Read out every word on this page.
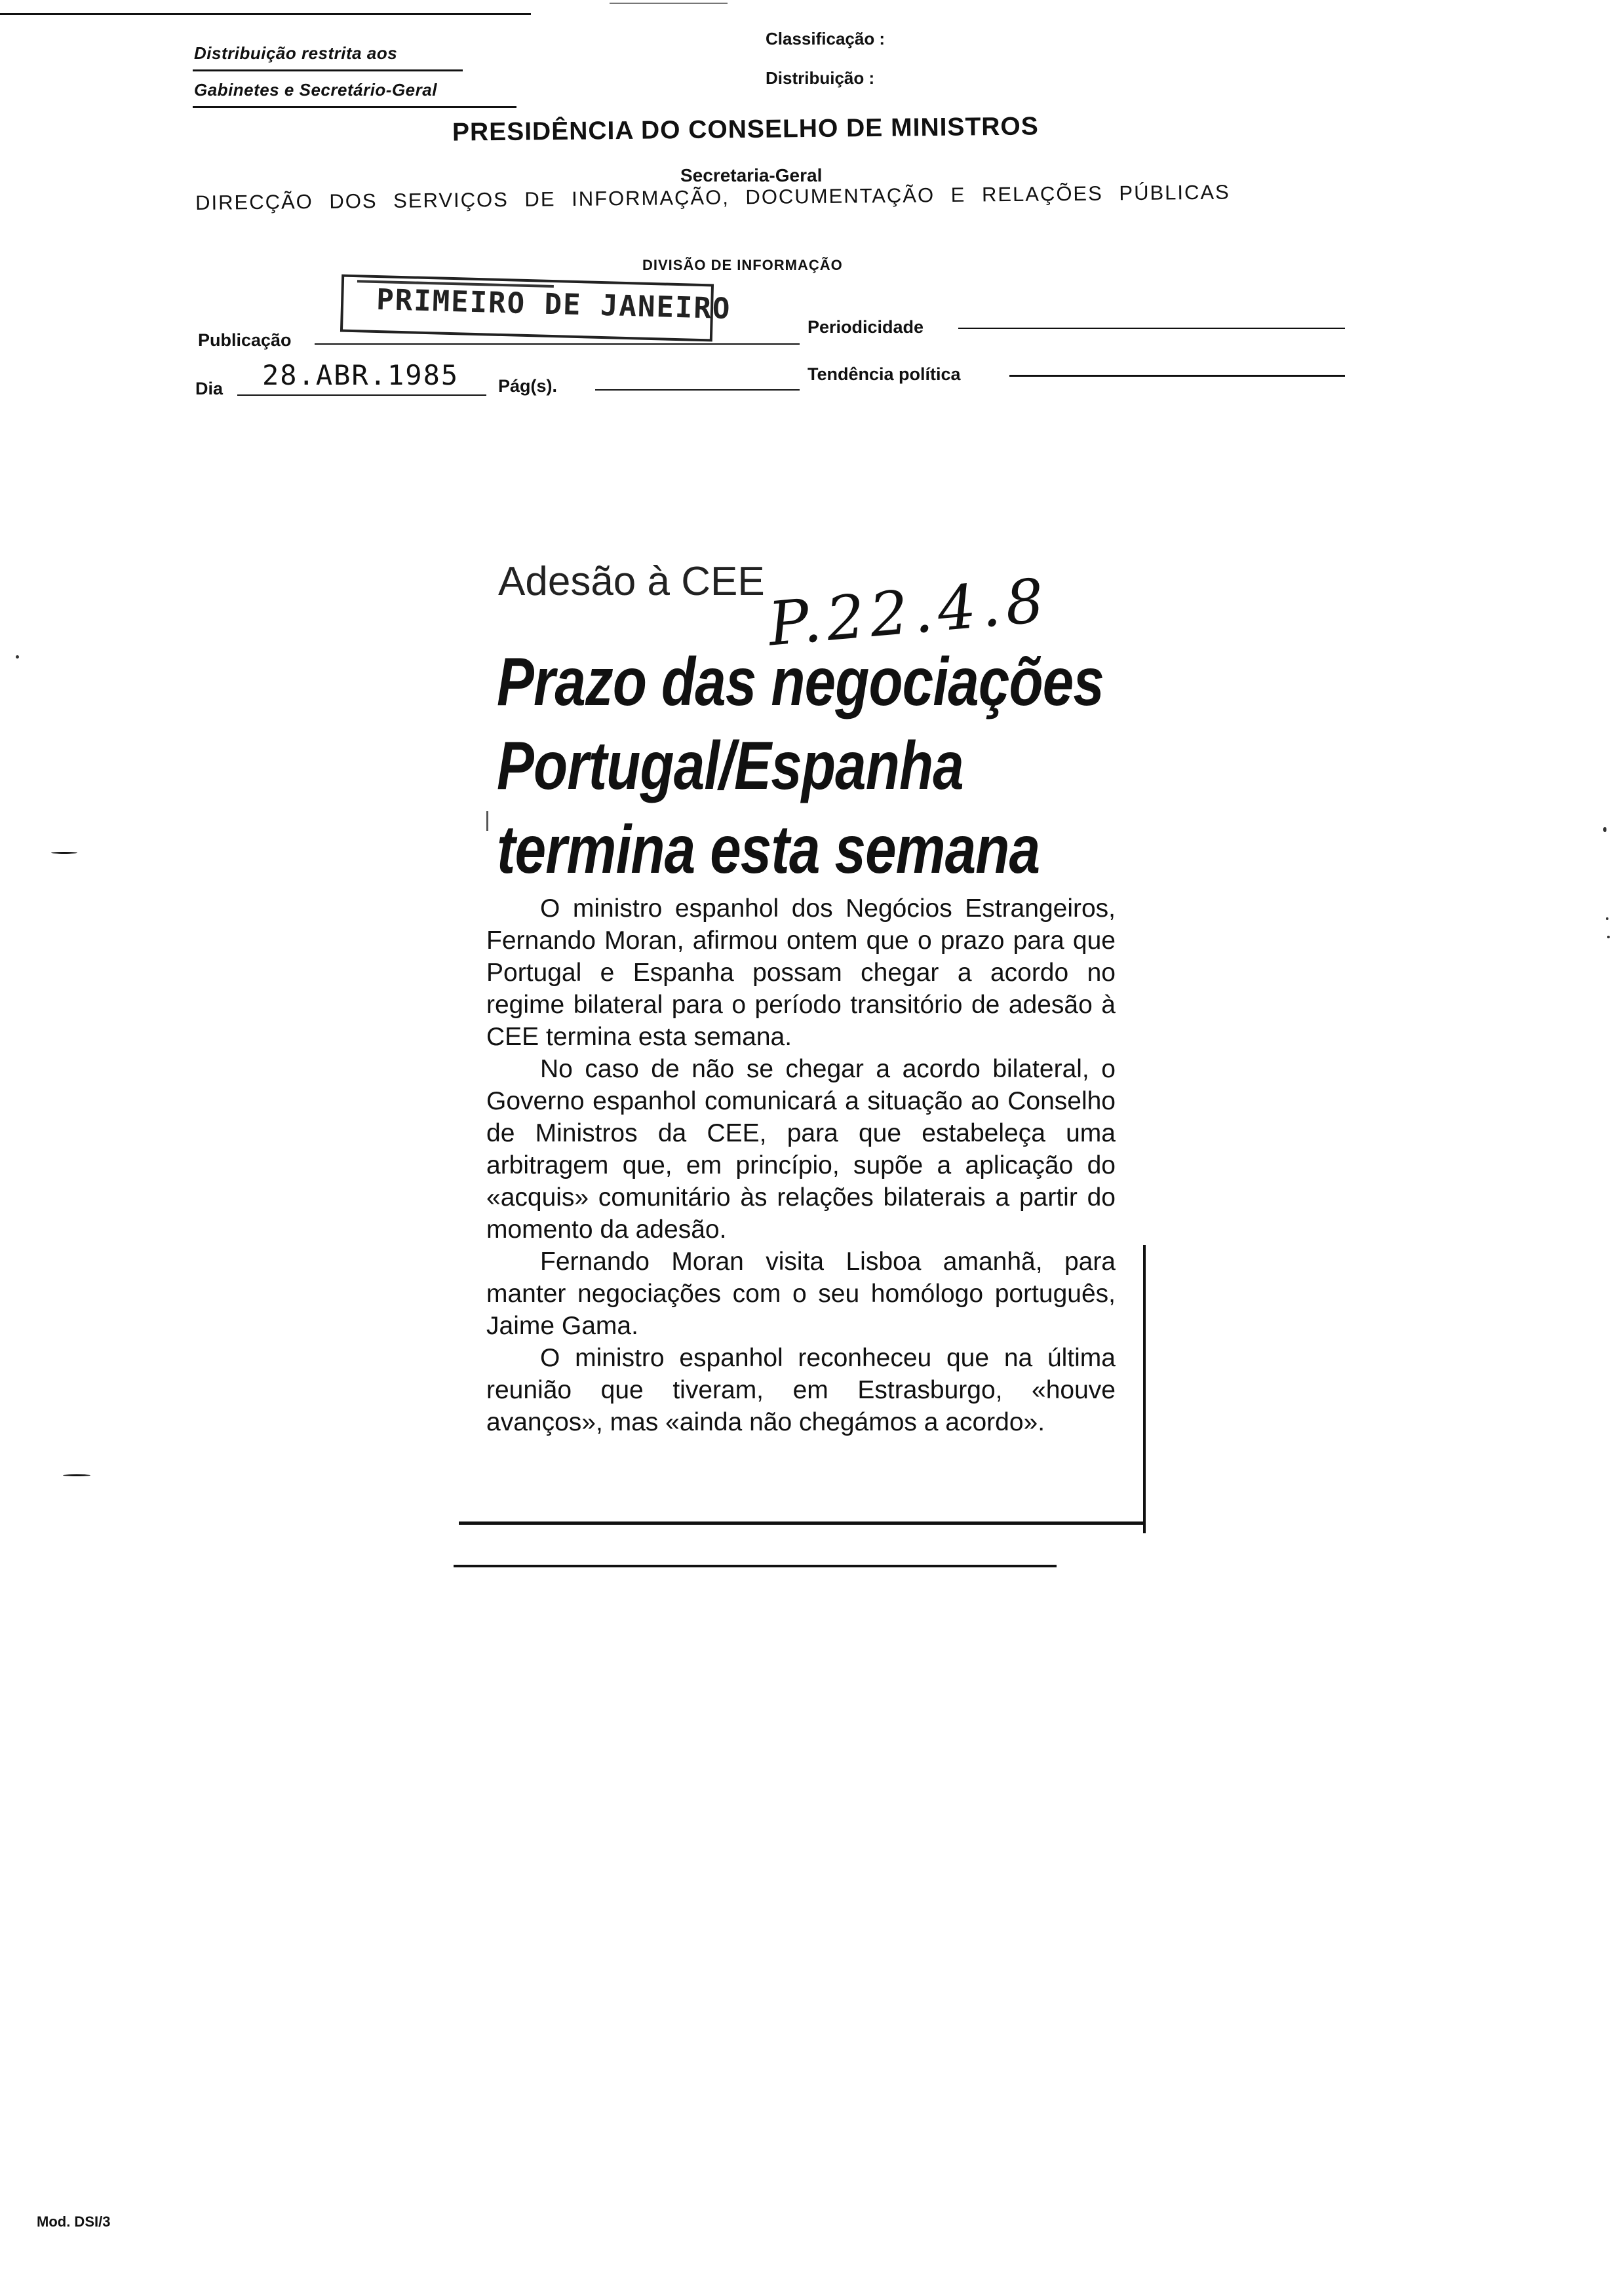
Distribuição restrita aos
Gabinetes e Secretário-Geral
Classificação :
Distribuição :
PRESIDÊNCIA DO CONSELHO DE MINISTROS
Secretaria-Geral
DIRECÇÃO DOS SERVIÇOS DE INFORMAÇÃO, DOCUMENTAÇÃO E RELAÇÕES PÚBLICAS
DIVISÃO DE INFORMAÇÃO
PRIMEIRO DE JANEIRO
Publicação
Periodicidade
Dia 28.ABR.1985 Pág(s).
Tendência política
Adesão à CEE P.22.4.8
Prazo das negociações
Portugal/Espanha
termina esta semana

O ministro espanhol dos Negócios Estrangeiros, Fernando Moran, afirmou ontem que o prazo para que Portugal e Espanha possam chegar a acordo no regime bilateral para o período transitório de adesão à CEE termina esta semana.

No caso de não se chegar a acordo bilateral, o Governo espanhol comunicará a situação ao Conselho de Ministros da CEE, para que estabeleça uma arbitragem que, em princípio, supõe a aplicação do «acquis» comunitário às relações bilaterais a partir do momento da adesão.

Fernando Moran visita Lisboa amanhã, para manter negociações com o seu homólogo português, Jaime Gama.

O ministro espanhol reconheceu que na última reunião que tiveram, em Estrasburgo, «houve avanços», mas «ainda não chegámos a acordo».

Mod. DSI/3
